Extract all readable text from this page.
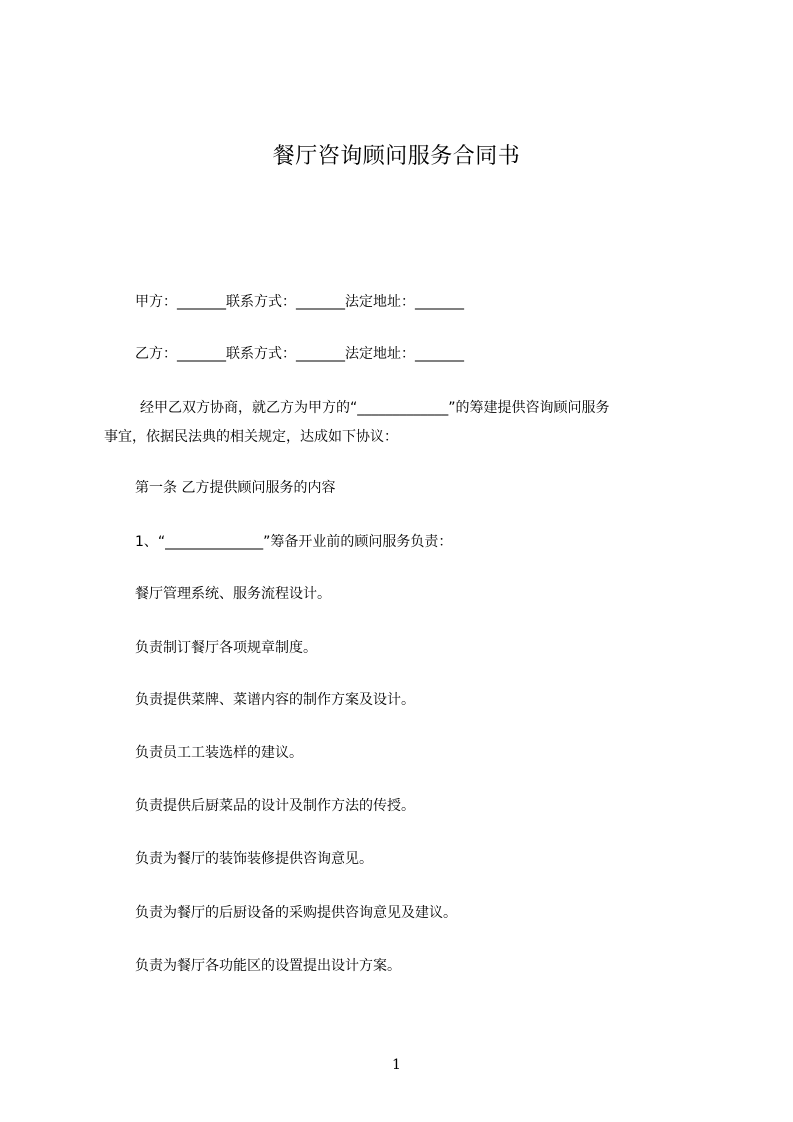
餐厅咨询顾问服务合同书
甲方：_______联系方式：_______法定地址：_______
乙方：_______联系方式：_______法定地址：_______
经甲乙双方协商，就乙方为甲方的“_____________”的筹建提供咨询顾问服务
事宜，依据民法典的相关规定，达成如下协议：
第一条 乙方提供顾问服务的内容
1、“______________”筹备开业前的顾问服务负责：
餐厅管理系统、服务流程设计。
负责制订餐厅各项规章制度。
负责提供菜牌、菜谱内容的制作方案及设计。
负责员工工装选样的建议。
负责提供后厨菜品的设计及制作方法的传授。
负责为餐厅的装饰装修提供咨询意见。
负责为餐厅的后厨设备的采购提供咨询意见及建议。
负责为餐厅各功能区的设置提出设计方案。
1
